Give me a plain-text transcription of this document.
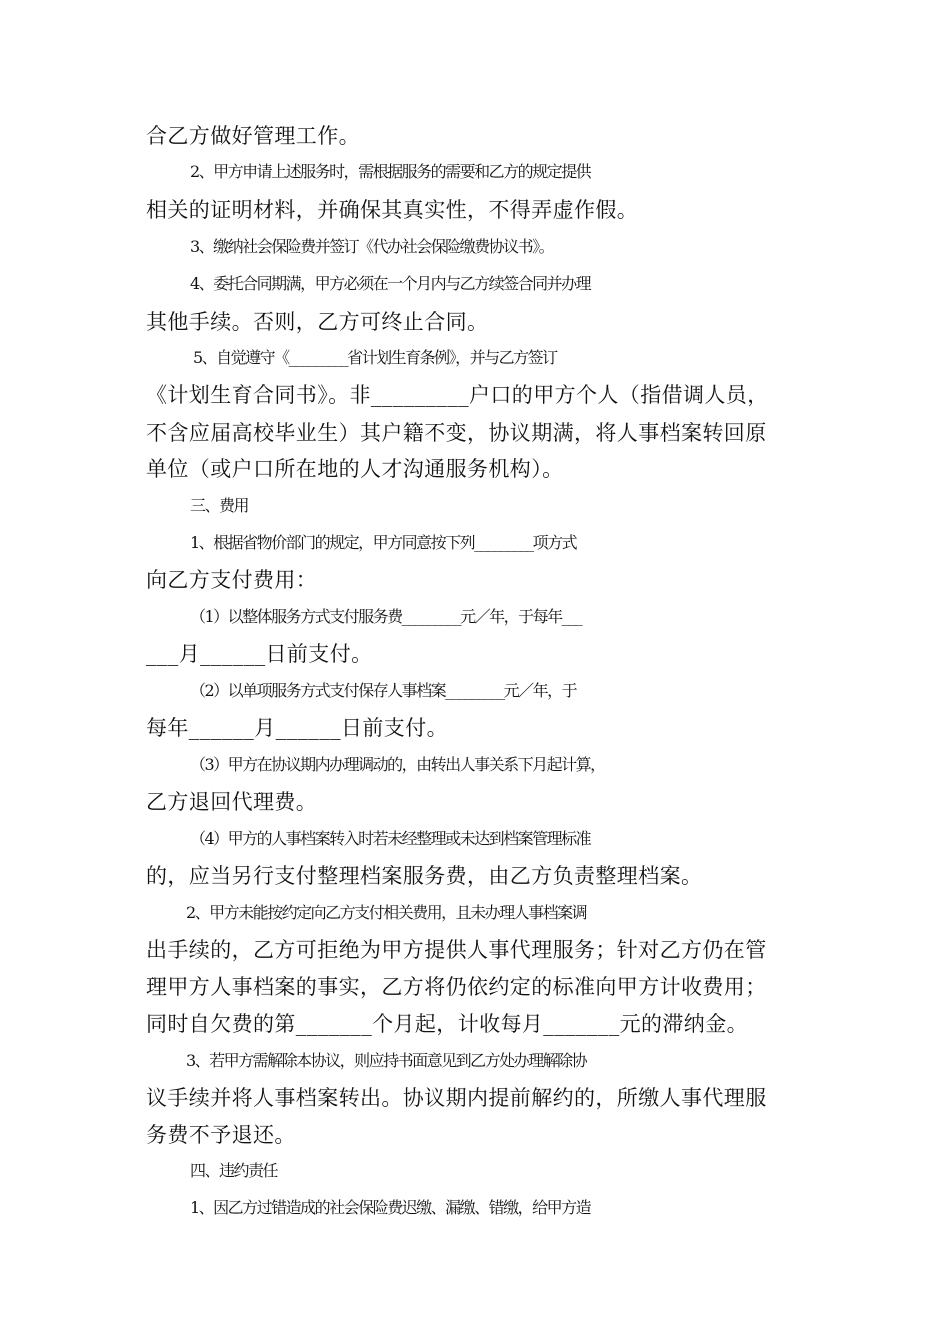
合乙方做好管理工作。
2、甲方申请上述服务时，需根据服务的需要和乙方的规定提供
相关的证明材料，并确保其真实性，不得弄虚作假。
3、缴纳社会保险费并签订《代办社会保险缴费协议书》。
4、委托合同期满，甲方必须在一个月内与乙方续签合同并办理
其他手续。否则，乙方可终止合同。
5、自觉遵守《_________省计划生育条例》，并与乙方签订
《计划生育合同书》。非_________户口的甲方个人（指借调人员，
不含应届高校毕业生）其户籍不变，协议期满，将人事档案转回原
单位（或户口所在地的人才沟通服务机构）。
三、费用
1、根据省物价部门的规定，甲方同意按下列_________项方式
向乙方支付费用：
（1）以整体服务方式支付服务费_________元／年，于每年___
___月______日前支付。
（2）以单项服务方式支付保存人事档案_________元／年，于
每年______月______日前支付。
（3）甲方在协议期内办理调动的，由转出人事关系下月起计算，
乙方退回代理费。
（4）甲方的人事档案转入时若未经整理或未达到档案管理标准
的，应当另行支付整理档案服务费，由乙方负责整理档案。
2、甲方未能按约定向乙方支付相关费用，且未办理人事档案调
出手续的，乙方可拒绝为甲方提供人事代理服务；针对乙方仍在管
理甲方人事档案的事实，乙方将仍依约定的标准向甲方计收费用；
同时自欠费的第_______个月起，计收每月_______元的滞纳金。
3、若甲方需解除本协议，则应持书面意见到乙方处办理解除协
议手续并将人事档案转出。协议期内提前解约的，所缴人事代理服
务费不予退还。
四、违约责任
1、因乙方过错造成的社会保险费迟缴、漏缴、错缴，给甲方造
